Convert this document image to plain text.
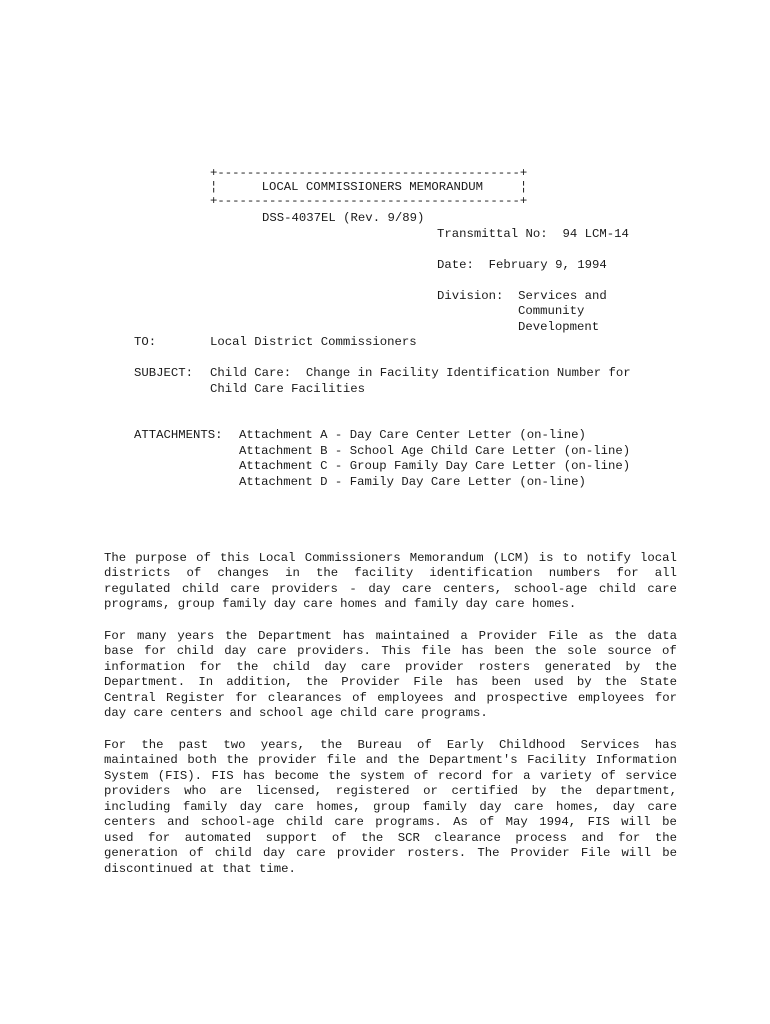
+-----------------------------------------+
¦      LOCAL COMMISSIONERS MEMORANDUM     ¦
+-----------------------------------------+
DSS-4037EL (Rev. 9/89)
Transmittal No:  94 LCM-14
Date:  February 9, 1994
Division:  Services and
Community
Development
TO:	Local District Commissioners
SUBJECT: Child Care:  Change in Facility Identification Number for
Child Care Facilities
ATTACHMENTS: Attachment A - Day Care Center Letter (on-line)
Attachment B - School Age Child Care Letter (on-line)
Attachment C - Group Family Day Care Letter (on-line)
Attachment D - Family Day Care Letter (on-line)
The purpose of this Local Commissioners Memorandum (LCM) is to notify local
districts of changes in the facility identification numbers for all
regulated child care providers - day care centers, school-age child care
programs, group family day care homes and family day care homes.
For many years the Department has maintained a Provider File as the data
base for child day care providers. This file has been the sole source of
information for the child day care provider rosters generated by the
Department. In addition, the Provider File has been used by the State
Central Register for clearances of employees and prospective employees for
day care centers and school age child care programs.
For the past two years, the Bureau of Early Childhood Services has
maintained both the provider file and the Department's Facility Information
System (FIS). FIS has become the system of record for a variety of service
providers who are licensed, registered or certified by the department,
including family day care homes, group family day care homes, day care
centers and school-age child care programs. As of May 1994, FIS will be
used for automated support of the SCR clearance process and for the
generation of child day care provider rosters. The Provider File will be
discontinued at that time.
